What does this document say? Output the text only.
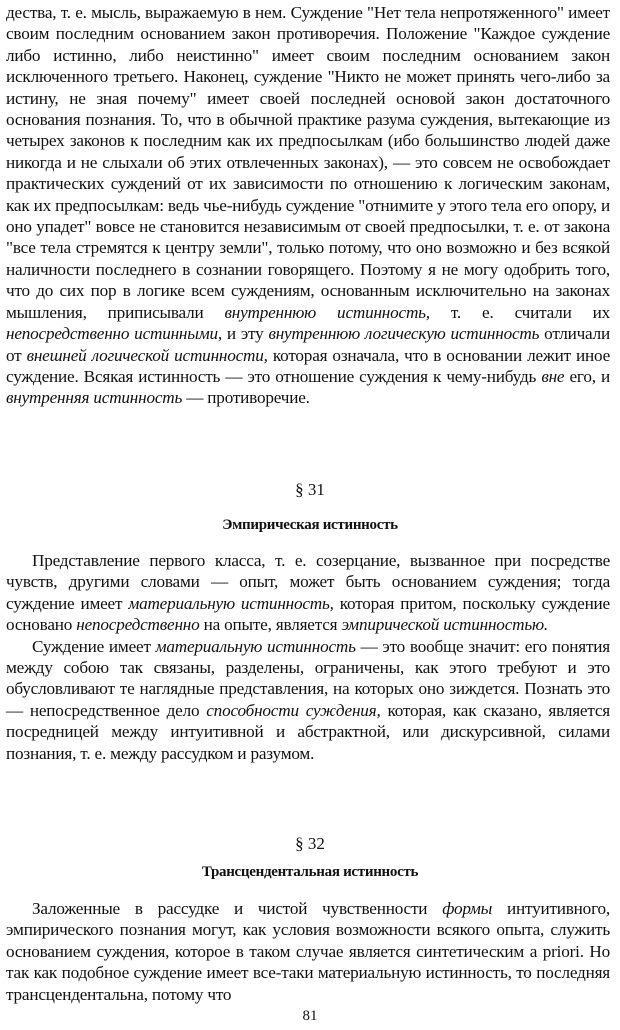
дества, т. е. мысль, выражаемую в нем. Суждение "Нет тела непротяженного" имеет своим последним основанием закон противоречия. Положение "Каждое суждение либо истинно, либо неистинно" имеет своим последним основанием закон исключенного третьего. Наконец, суждение "Никто не может принять чего-либо за истину, не зная почему" имеет своей последней основой закон достаточного основания познания. То, что в обычной практике разума суждения, вытекающие из четырех законов к последним как их предпосылкам (ибо большинство людей даже никогда и не слыхали об этих отвлеченных законах), — это совсем не освобождает практических суждений от их зависимости по отношению к логическим законам, как их предпосылкам: ведь чье-нибудь суждение "отнимите у этого тела его опору, и оно упадет" вовсе не становится независимым от своей предпосылки, т. е. от закона "все тела стремятся к центру земли", только потому, что оно возможно и без всякой наличности последнего в сознании говорящего. Поэтому я не могу одобрить того, что до сих пор в логике всем суждениям, основанным исключительно на законах мышления, приписывали внутреннюю истинность, т. е. считали их непосредственно истинными, и эту внутреннюю логическую истинность отличали от внешней логической истинности, которая означала, что в основании лежит иное суждение. Всякая истинность — это отношение суждения к чему-нибудь вне его, и внутренняя истинность — противоречие.

§ 31

Эмпирическая истинность

Представление первого класса, т. е. созерцание, вызванное при посредстве чувств, другими словами — опыт, может быть основанием суждения; тогда суждение имеет материальную истинность, которая притом, поскольку суждение основано непосредственно на опыте, является эмпирической истинностью.

Суждение имеет материальную истинность — это вообще значит: его понятия между собою так связаны, разделены, ограничены, как этого требуют и это обусловливают те наглядные представления, на которых оно зиждется. Познать это — непосредственное дело способности суждения, которая, как сказано, является посредницей между интуитивной и абстрактной, или дискурсивной, силами познания, т. е. между рассудком и разумом.

§ 32

Трансцендентальная истинность

Заложенные в рассудке и чистой чувственности формы интуитивного, эмпирического познания могут, как условия возможности всякого опыта, служить основанием суждения, которое в таком случае является синтетическим a priori. Но так как подобное суждение имеет все-таки материальную истинность, то последняя трансцендентальна, потому что

81
